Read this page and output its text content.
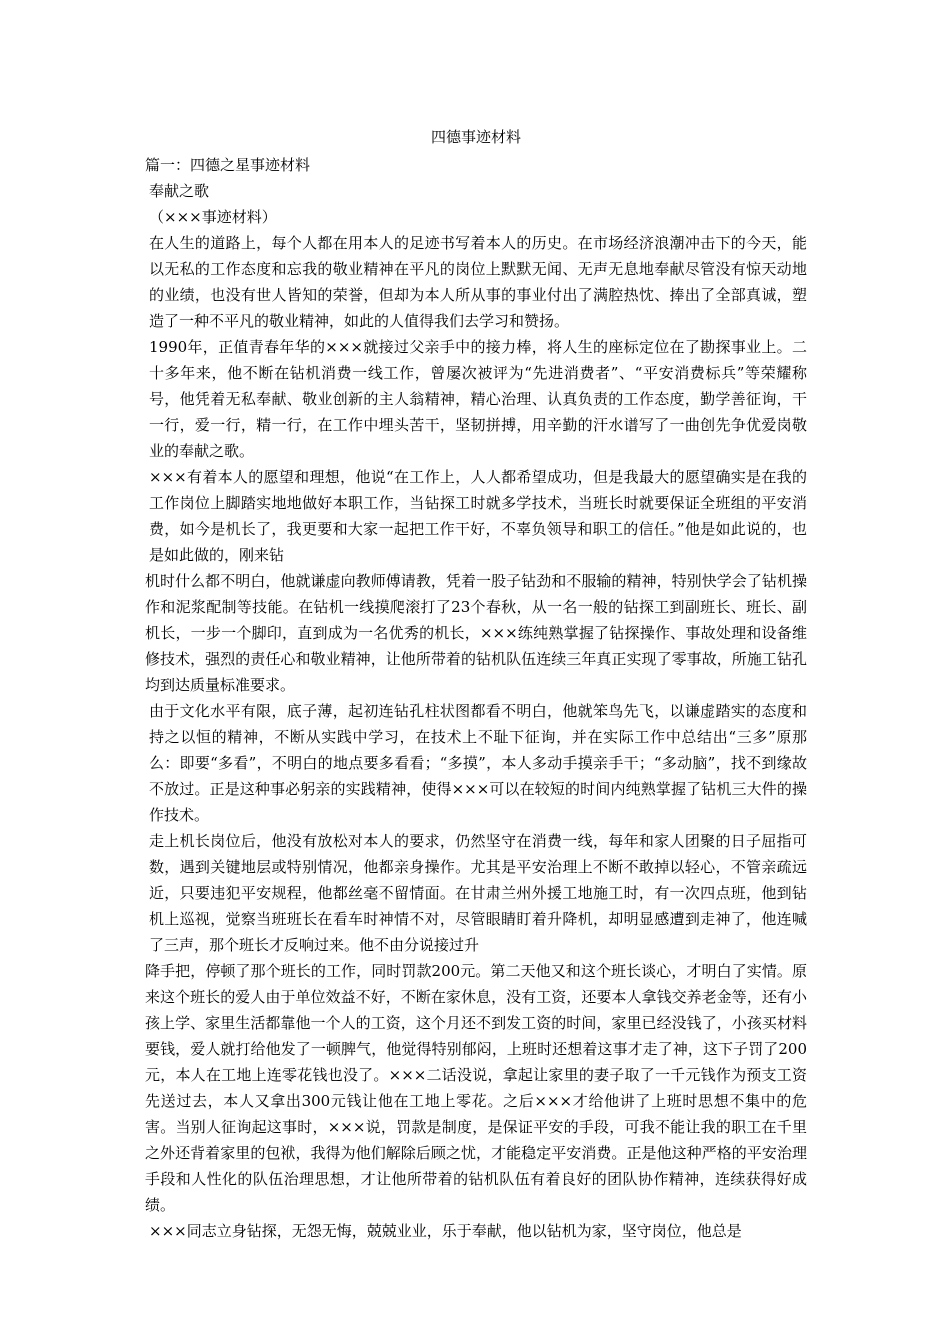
四德事迹材料
篇一：四德之星事迹材料
奉献之歌
（×××事迹材料）

在人生的道路上，每个人都在用本人的足迹书写着本人的历史。在市场经济浪潮冲击下的今天，能以无私的工作态度和忘我的敬业精神在平凡的岗位上默默无闻、无声无息地奉献尽管没有惊天动地的业绩，也没有世人皆知的荣誉，但却为本人所从事的事业付出了满腔热忱、捧出了全部真诚，塑造了一种不平凡的敬业精神，如此的人值得我们去学习和赞扬。

1990年，正值青春年华的×××就接过父亲手中的接力棒，将人生的座标定位在了勘探事业上。二十多年来，他不断在钻机消费一线工作，曾屡次被评为“先进消费者”、“平安消费标兵”等荣耀称号，他凭着无私奉献、敬业创新的主人翁精神，精心治理、认真负责的工作态度，勤学善征询，干一行，爱一行，精一行，在工作中埋头苦干，坚韧拼搏，用辛勤的汗水谱写了一曲创先争优爱岗敬业的奉献之歌。

×××有着本人的愿望和理想，他说“在工作上，人人都希望成功，但是我最大的愿望确实是在我的工作岗位上脚踏实地地做好本职工作，当钻探工时就多学技术，当班长时就要保证全班组的平安消费，如今是机长了，我更要和大家一起把工作干好，不辜负领导和职工的信任。”他是如此说的，也是如此做的，刚来钻

机时什么都不明白，他就谦虚向教师傅请教，凭着一股子钻劲和不服输的精神，特别快学会了钻机操作和泥浆配制等技能。在钻机一线摸爬滚打了23个春秋，从一名一般的钻探工到副班长、班长、副机长，一步一个脚印，直到成为一名优秀的机长，×××练纯熟掌握了钻探操作、事故处理和设备维修技术，强烈的责任心和敬业精神，让他所带着的钻机队伍连续三年真正实现了零事故，所施工钻孔均到达质量标准要求。

由于文化水平有限，底子薄，起初连钻孔柱状图都看不明白，他就笨鸟先飞，以谦虚踏实的态度和持之以恒的精神，不断从实践中学习，在技术上不耻下征询，并在实际工作中总结出“三多”原那么：即要“多看”，不明白的地点要多看看；“多摸”，本人多动手摸亲手干；“多动脑”，找不到缘故不放过。正是这种事必躬亲的实践精神，使得×××可以在较短的时间内纯熟掌握了钻机三大件的操作技术。

走上机长岗位后，他没有放松对本人的要求，仍然坚守在消费一线，每年和家人团聚的日子屈指可数，遇到关键地层或特别情况，他都亲身操作。尤其是平安治理上不断不敢掉以轻心，不管亲疏远近，只要违犯平安规程，他都丝毫不留情面。在甘肃兰州外援工地施工时，有一次四点班，他到钻机上巡视，觉察当班班长在看车时神情不对，尽管眼睛盯着升降机，却明显感遭到走神了，他连喊了三声，那个班长才反响过来。他不由分说接过升

降手把，停顿了那个班长的工作，同时罚款200元。第二天他又和这个班长谈心，才明白了实情。原来这个班长的爱人由于单位效益不好，不断在家休息，没有工资，还要本人拿钱交养老金等，还有小孩上学、家里生活都靠他一个人的工资，这个月还不到发工资的时间，家里已经没钱了，小孩买材料要钱，爱人就打给他发了一顿脾气，他觉得特别郁闷，上班时还想着这事才走了神，这下子罚了200元，本人在工地上连零花钱也没了。×××二话没说，拿起让家里的妻子取了一千元钱作为预支工资先送过去，本人又拿出300元钱让他在工地上零花。之后×××才给他讲了上班时思想不集中的危害。当别人征询起这事时，×××说，罚款是制度，是保证平安的手段，可我不能让我的职工在千里之外还背着家里的包袱，我得为他们解除后顾之忧，才能稳定平安消费。正是他这种严格的平安治理手段和人性化的队伍治理思想，才让他所带着的钻机队伍有着良好的团队协作精神，连续获得好成绩。

×××同志立身钻探，无怨无悔，兢兢业业，乐于奉献，他以钻机为家，坚守岗位，他总是
